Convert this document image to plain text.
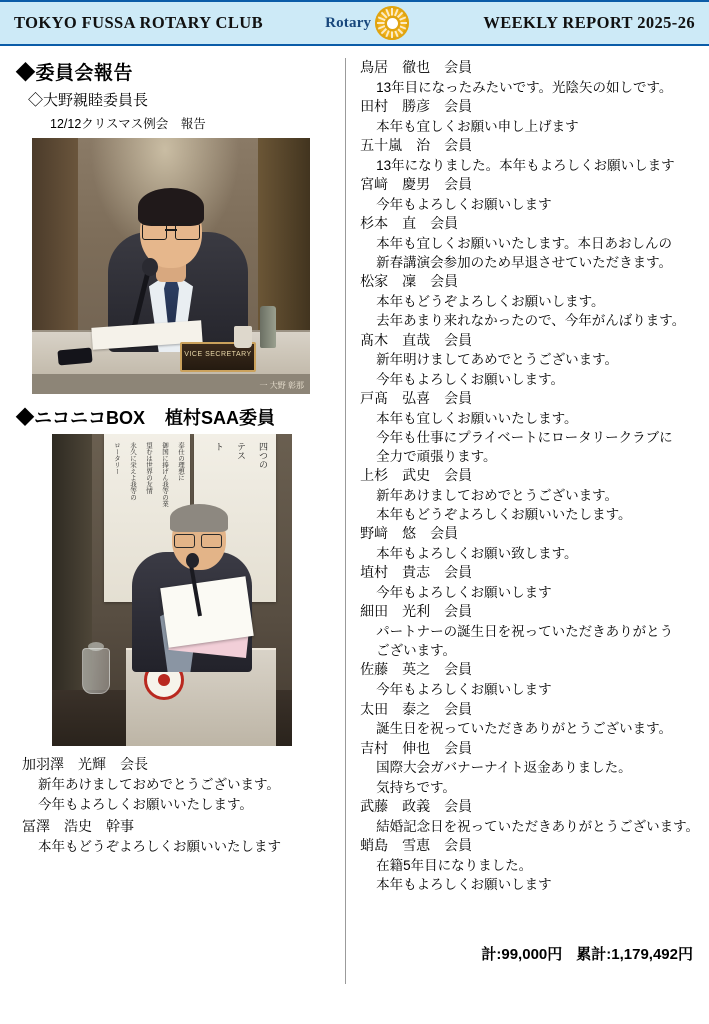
TOKYO FUSSA ROTARY CLUB	Rotary	WEEKLY REPORT 2025-26
◆委員会報告
◇大野親睦委員長
12/12クリスマス例会　報告
VICE SECRETARY
一 大野 彰那
◆ニコニコBOX 植村SAA委員
奉仕の理想に
御国に捧げん我等の業
望むは世界の友情
永久に栄えよ我等の
ロータリー	四つの
テス
ト
加羽澤　光輝　会長
新年あけましておめでとうございます。
今年もよろしくお願いいたします。
冨澤　浩史　幹事
本年もどうぞよろしくお願いいたします
鳥居　徹也　会員
13年目になったみたいです。光陰矢の如しです。
田村　勝彦　会員
本年も宜しくお願い申し上げます
五十嵐　治　会員
13年になりました。本年もよろしくお願いします
宮﨑　慶男　会員
今年もよろしくお願いします
杉本　直　会員
本年も宜しくお願いいたします。本日あおしんの
新春講演会参加のため早退させていただきます。
松家　凜　会員
本年もどうぞよろしくお願いします。
去年あまり来れなかったので、今年がんばります。
髙木　直哉　会員
新年明けましてあめでとうございます。
今年もよろしくお願いします。
戸髙　弘喜　会員
本年も宜しくお願いいたします。
今年も仕事にプライベートにロータリークラブに
全力で頑張ります。
上杉　武史　会員
新年あけましておめでとうございます。
本年もどうぞよろしくお願いいたします。
野﨑　悠　会員
本年もよろしくお願い致します。
埴村　貴志　会員
今年もよろしくお願いします
細田　光利　会員
パートナーの誕生日を祝っていただきありがとう
ございます。
佐藤　英之　会員
今年もよろしくお願いします
太田　泰之　会員
誕生日を祝っていただきありがとうございます。
吉村　伸也　会員
国際大会ガバナーナイト返金ありました。
気持ちです。
武藤　政義　会員
結婚記念日を祝っていただきありがとうございます。
蛸島　雪恵　会員
在籍5年目になりました。
本年もよろしくお願いします
計:99,000円 累計:1,179,492円
